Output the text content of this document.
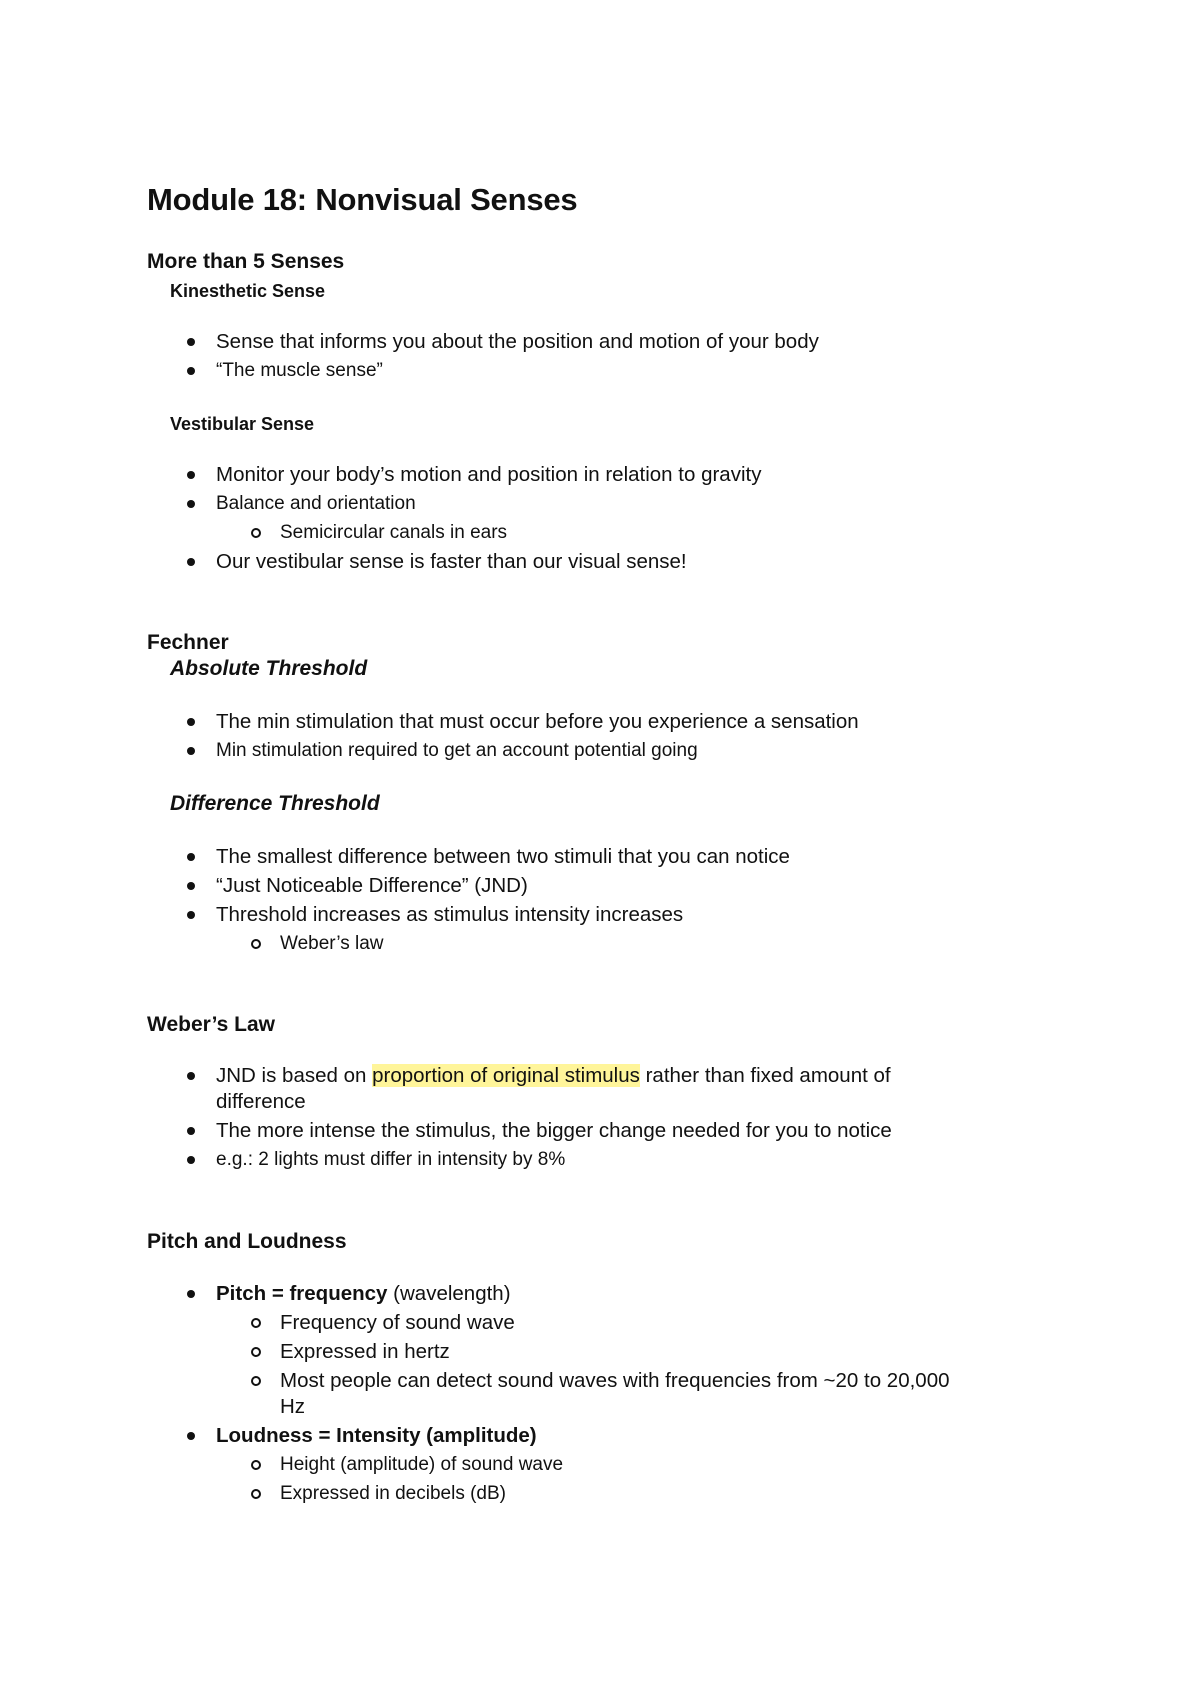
Module 18: Nonvisual Senses
More than 5 Senses
Kinesthetic Sense

Sense that informs you about the position and motion of your body

“The muscle sense”

Vestibular Sense

Monitor your body’s motion and position in relation to gravity

Balance and orientation

Semicircular canals in ears

Our vestibular sense is faster than our visual sense!

Fechner
Absolute Threshold

The min stimulation that must occur before you experience a sensation

Min stimulation required to get an account potential going

Difference Threshold

The smallest difference between two stimuli that you can notice

“Just Noticeable Difference” (JND)

Threshold increases as stimulus intensity increases

Weber’s law

Weber’s Law

JND is based on proportion of original stimulus rather than fixed amount of

difference

The more intense the stimulus, the bigger change needed for you to notice

e.g.: 2 lights must differ in intensity by 8%

Pitch and Loudness

Pitch = frequency (wavelength)

Frequency of sound wave

Expressed in hertz

Most people can detect sound waves with frequencies from ~20 to 20,000

Hz

Loudness = Intensity (amplitude)

Height (amplitude) of sound wave

Expressed in decibels (dB)
